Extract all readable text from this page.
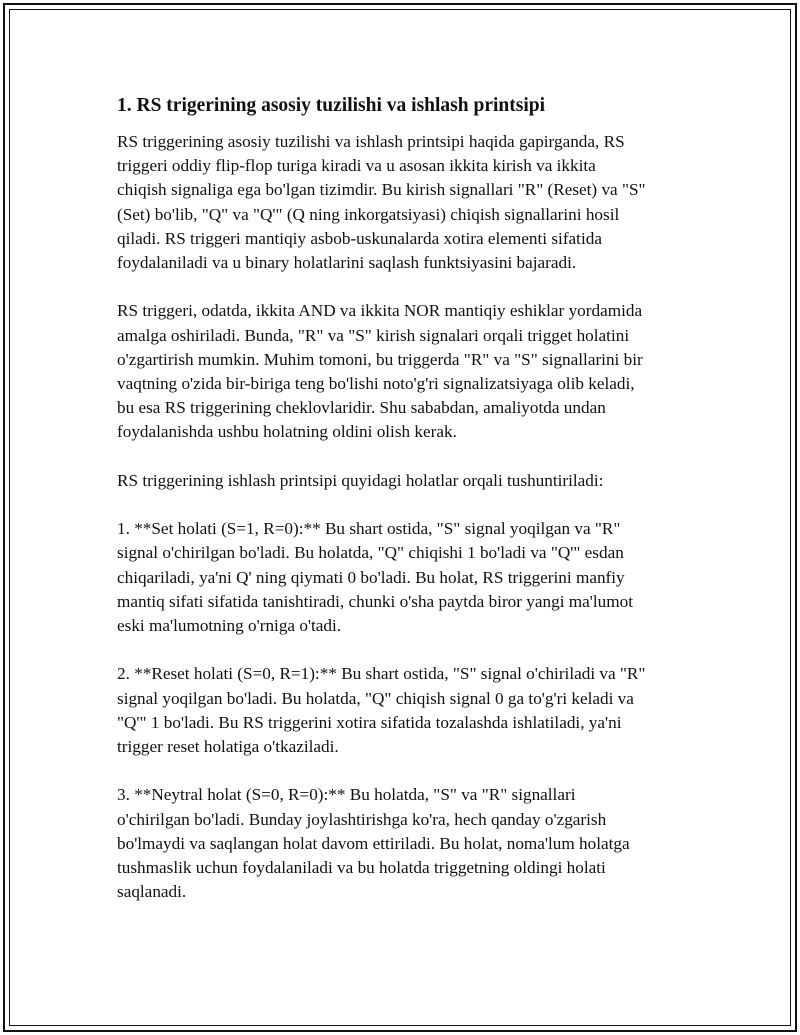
1. RS trigerining asosiy tuzilishi va ishlash printsipi

RS triggerining asosiy tuzilishi va ishlash printsipi haqida gapirganda, RS
triggeri oddiy flip-flop turiga kiradi va u asosan ikkita kirish va ikkita
chiqish signaliga ega bo'lgan tizimdir. Bu kirish signallari "R" (Reset) va "S"
(Set) bo'lib, "Q" va "Q'" (Q ning inkorgatsiyasi) chiqish signallarini hosil
qiladi. RS triggeri mantiqiy asbob-uskunalarda xotira elementi sifatida
foydalaniladi va u binary holatlarini saqlash funktsiyasini bajaradi.

RS triggeri, odatda, ikkita AND va ikkita NOR mantiqiy eshiklar yordamida
amalga oshiriladi. Bunda, "R" va "S" kirish signalari orqali trigget holatini
o'zgartirish mumkin. Muhim tomoni, bu triggerda "R" va "S" signallarini bir
vaqtning o'zida bir-biriga teng bo'lishi noto'g'ri signalizatsiyaga olib keladi,
bu esa RS triggerining cheklovlaridir. Shu sababdan, amaliyotda undan
foydalanishda ushbu holatning oldini olish kerak.

RS triggerining ishlash printsipi quyidagi holatlar orqali tushuntiriladi:

1. **Set holati (S=1, R=0):** Bu shart ostida, "S" signal yoqilgan va "R"
signal o'chirilgan bo'ladi. Bu holatda, "Q" chiqishi 1 bo'ladi va "Q'" esdan
chiqariladi, ya'ni Q' ning qiymati 0 bo'ladi. Bu holat, RS triggerini manfiy
mantiq sifati sifatida tanishtiradi, chunki o'sha paytda biror yangi ma'lumot
eski ma'lumotning o'rniga o'tadi.

2. **Reset holati (S=0, R=1):** Bu shart ostida, "S" signal o'chiriladi va "R"
signal yoqilgan bo'ladi. Bu holatda, "Q" chiqish signal 0 ga to'g'ri keladi va
"Q'" 1 bo'ladi. Bu RS triggerini xotira sifatida tozalashda ishlatiladi, ya'ni
trigger reset holatiga o'tkaziladi.

3. **Neytral holat (S=0, R=0):** Bu holatda, "S" va "R" signallari
o'chirilgan bo'ladi. Bunday joylashtirishga ko'ra, hech qanday o'zgarish
bo'lmaydi va saqlangan holat davom ettiriladi. Bu holat, noma'lum holatga
tushmaslik uchun foydalaniladi va bu holatda triggetning oldingi holati
saqlanadi.
